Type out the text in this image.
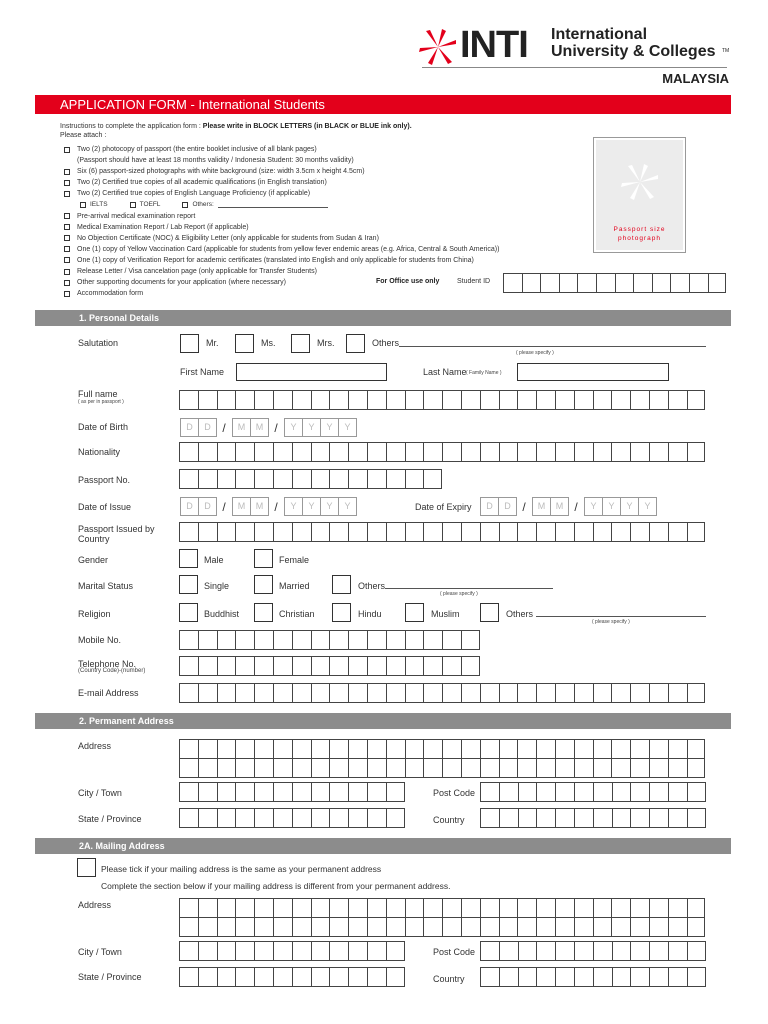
INTI International
University & Colleges TM
MALAYSIA
APPLICATION FORM - International Students
Instructions to complete the application form : Please write in BLOCK LETTERS (in BLACK or BLUE ink only).
Please attach :
Two (2) photocopy of passport (the entire booklet inclusive of all blank pages)
(Passport should have at least 18 months validity / Indonesia Student: 30 months validity)
Six (6) passport-sized photographs with white background (size: width 3.5cm x height 4.5cm)
Two (2) Certified true copies of all academic qualifications (in English translation)
Two (2) Certified true copies of English Language Proficiency (if applicable)
Pre-arrival medical examination report
Medical Examination Report / Lab Report (if applicable)
No Objection Certificate (NOC) & Eligibility Letter (only applicable for students from Sudan & Iran)
One (1) copy of Yellow Vaccination Card (applicable for students from yellow fever endemic areas (e.g. Africa, Central & South America))
One (1) copy of Verification Report for academic certificates (translated into English and only applicable for students from China)
Release Letter / Visa cancelation page (only applicable for Transfer Students)
Other supporting documents for your application (where necessary)
Accommodation form
IELTS	TOEFL	Others:
Passport size
photograph
For Office use only	Student ID
1. Personal Details
Salutation	Mr.	Ms.	Mrs.	Others
( please specify )
First Name	Last Name ( Family Name )
Full name
( as per in passport )
Date of Birth	D	D /	M	M /	Y	Y	Y	Y
Nationality
Passport No.
Date of Issue	D	D /	M	M /	Y	Y	Y	Y	Date of Expiry	D	D /	M	M /	Y	Y	Y	Y
Passport Issued by
Country
Gender	Male	Female
Marital Status	Single	Married	Others
( please specify )
Religion	Buddhist	Christian	Hindu	Muslim	Others
( please specify )
Mobile No.
Telephone No.
(Country Code)-(number)
E-mail Address
2. Permanent Address
Address
City / Town	Post Code
State / Province	Country
2A. Mailing Address
Please tick if your mailing address is the same as your permanent address
Complete the section below if your mailing address is different from your permanent address.
Address
City / Town	Post Code
State / Province	Country
